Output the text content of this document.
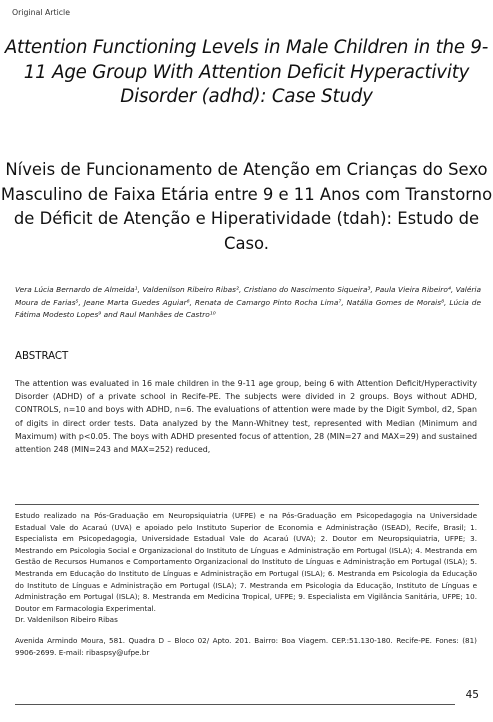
Original Article
Attention Functioning Levels in Male Children in the 9-11 Age Group With Attention Deficit Hyperactivity Disorder (adhd): Case Study
Níveis de Funcionamento de Atenção em Crianças do Sexo Masculino de Faixa Etária entre 9 e 11 Anos com Transtorno de Déficit de Atenção e Hiperatividade (tdah): Estudo de Caso.
Vera Lúcia Bernardo de Almeida¹, Valdenilson Ribeiro Ribas², Cristiano do Nascimento Siqueira³, Paula Vieira Ribeiro⁴, Valéria Moura de Farias⁵, Jeane Marta Guedes Aguiar⁶, Renata de Camargo Pinto Rocha Lima⁷, Natália Gomes de Morais⁸, Lúcia de Fátima Modesto Lopes⁹ and Raul Manhães de Castro¹⁰
ABSTRACT
The attention was evaluated in 16 male children in the 9-11 age group, being 6 with Attention Deficit/Hyperactivity Disorder (ADHD) of a private school in Recife-PE. The subjects were divided in 2 groups. Boys without ADHD, CONTROLS, n=10 and boys with ADHD, n=6. The evaluations of attention were made by the Digit Symbol, d2, Span of digits in direct order tests. Data analyzed by the Mann-Whitney test, represented with Median (Minimum and Maximum) with p<0.05. The boys with ADHD presented focus of attention, 28 (MIN=27 and MAX=29) and sustained attention 248 (MIN=243 and MAX=252) reduced,

Estudo realizado na Pós-Graduação em Neuropsiquiatria (UFPE) e na Pós-Graduação em Psicopedagogia na Universidade Estadual Vale do Acaraú (UVA) e apoiado pelo Instituto Superior de Economia e Administração (ISEAD), Recife, Brasil; 1. Especialista em Psicopedagogia, Universidade Estadual Vale do Acaraú (UVA); 2. Doutor em Neuropsiquiatria, UFPE; 3. Mestrando em Psicologia Social e Organizacional do Instituto de Línguas e Administração em Portugal (ISLA); 4. Mestranda em Gestão de Recursos Humanos e Comportamento Organizacional do Instituto de Línguas e Administração em Portugal (ISLA); 5. Mestranda em Educação do Instituto de Línguas e Administração em Portugal (ISLA); 6. Mestranda em Psicologia da Educação do Instituto de Línguas e Administração em Portugal (ISLA); 7. Mestranda em Psicologia da Educação, Instituto de Línguas e Administração em Portugal (ISLA); 8. Mestranda em Medicina Tropical, UFPE; 9. Especialista em Vigilância Sanitária, UFPE; 10. Doutor em Farmacologia Experimental.

Dr. Valdenilson Ribeiro Ribas

Avenida Armindo Moura, 581. Quadra D – Bloco 02/ Apto. 201. Bairro: Boa Viagem. CEP.:51.130-180. Recife-PE. Fones: (81) 9906-2699. E-mail: ribaspsy@ufpe.br

45
